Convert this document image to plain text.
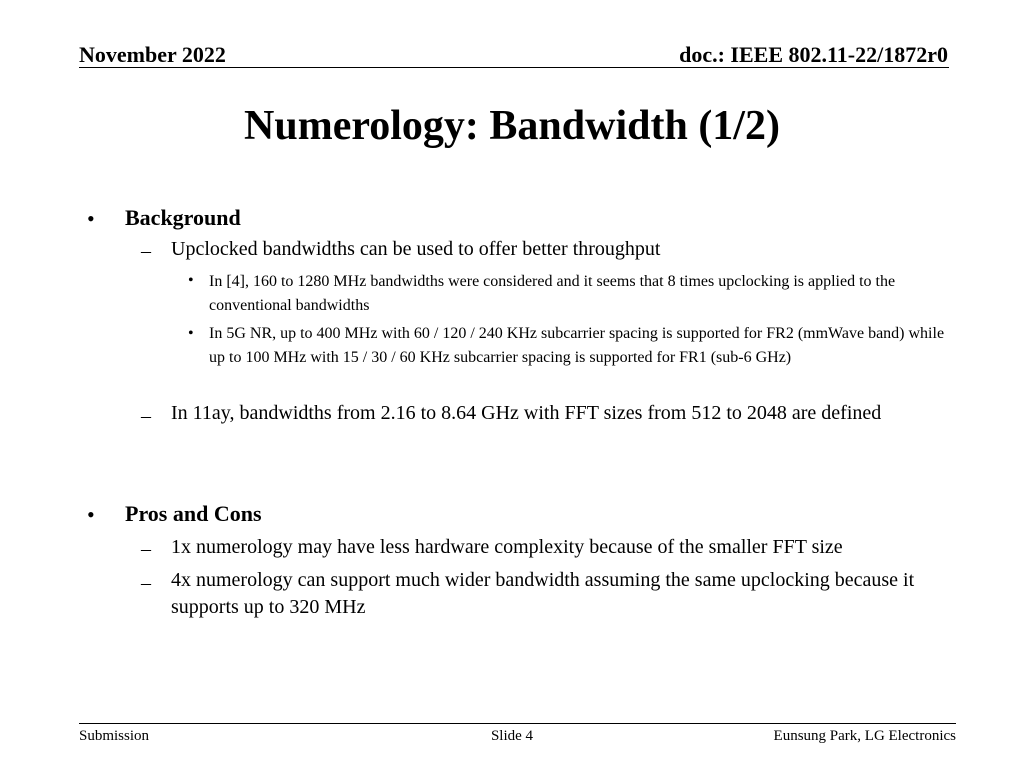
November 2022	doc.: IEEE 802.11-22/1872r0
Numerology: Bandwidth (1/2)
• Background
– Upclocked bandwidths can be used to offer better throughput
• In [4], 160 to 1280 MHz bandwidths were considered and it seems that 8 times upclocking is applied to the conventional bandwidths
• In 5G NR, up to 400 MHz with 60 / 120 / 240 KHz subcarrier spacing is supported for FR2 (mmWave band) while up to 100 MHz with 15 / 30 / 60 KHz subcarrier spacing is supported for FR1 (sub-6 GHz)
– In 11ay, bandwidths from 2.16 to 8.64 GHz with FFT sizes from 512 to 2048 are defined
• Pros and Cons
– 1x numerology may have less hardware complexity because of the smaller FFT size
– 4x numerology can support much wider bandwidth assuming the same upclocking because it supports up to 320 MHz
Submission	Slide 4	Eunsung Park, LG Electronics
